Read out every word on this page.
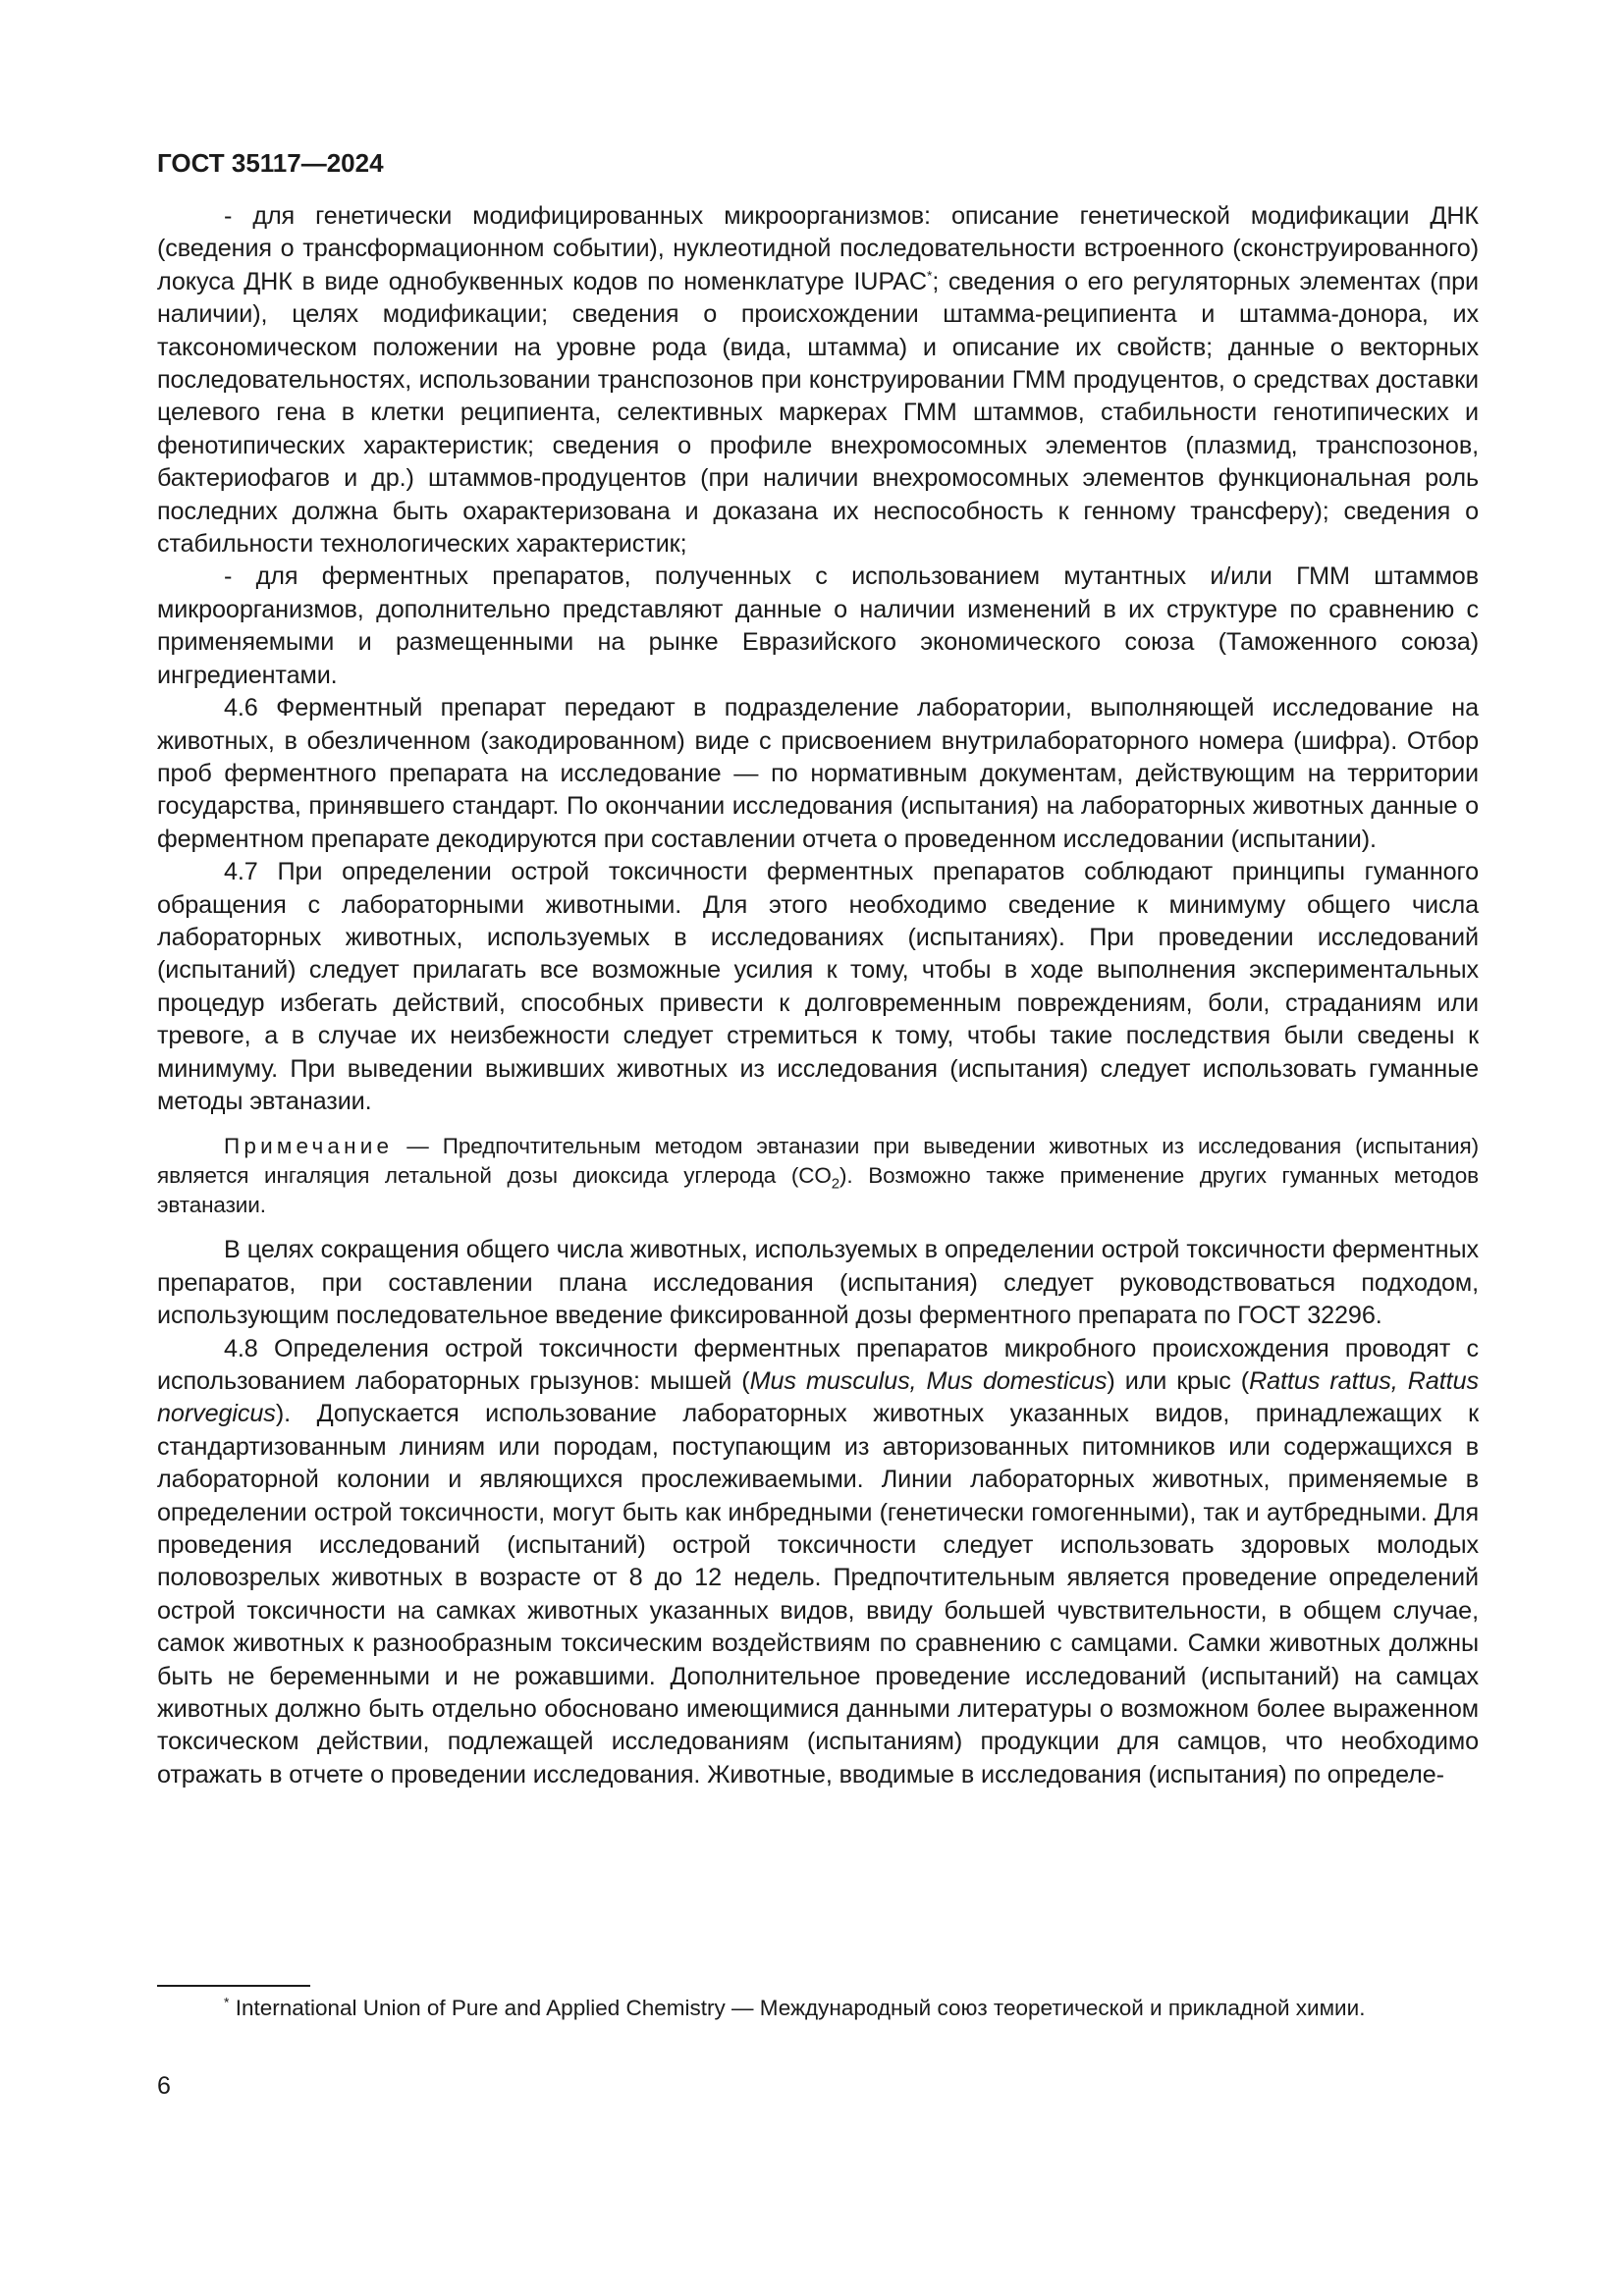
ГОСТ 35117—2024

- для генетически модифицированных микроорганизмов: описание генетической модификации ДНК (сведения о трансформационном событии), нуклеотидной последовательности встроенного (сконструированного) локуса ДНК в виде однобуквенных кодов по номенклатуре IUPAC*; сведения о его регуляторных элементах (при наличии), целях модификации; сведения о происхождении штамма-реципиента и штамма-донора, их таксономическом положении на уровне рода (вида, штамма) и описание их свойств; данные о векторных последовательностях, использовании транспозонов при конструировании ГММ продуцентов, о средствах доставки целевого гена в клетки реципиента, селективных маркерах ГММ штаммов, стабильности генотипических и фенотипических характеристик; сведения о профиле внехромосомных элементов (плазмид, транспозонов, бактериофагов и др.) штаммов-продуцентов (при наличии внехромосомных элементов функциональная роль последних должна быть охарактеризована и доказана их неспособность к генному трансферу); сведения о стабильности технологических характеристик;

- для ферментных препаратов, полученных с использованием мутантных и/или ГММ штаммов микроорганизмов, дополнительно представляют данные о наличии изменений в их структуре по сравнению с применяемыми и размещенными на рынке Евразийского экономического союза (Таможенного союза) ингредиентами.

4.6 Ферментный препарат передают в подразделение лаборатории, выполняющей исследование на животных, в обезличенном (закодированном) виде с присвоением внутрилабораторного номера (шифра). Отбор проб ферментного препарата на исследование — по нормативным документам, действующим на территории государства, принявшего стандарт. По окончании исследования (испытания) на лабораторных животных данные о ферментном препарате декодируются при составлении отчета о проведенном исследовании (испытании).

4.7 При определении острой токсичности ферментных препаратов соблюдают принципы гуманного обращения с лабораторными животными. Для этого необходимо сведение к минимуму общего числа лабораторных животных, используемых в исследованиях (испытаниях). При проведении исследований (испытаний) следует прилагать все возможные усилия к тому, чтобы в ходе выполнения экспериментальных процедур избегать действий, способных привести к долговременным повреждениям, боли, страданиям или тревоге, а в случае их неизбежности следует стремиться к тому, чтобы такие последствия были сведены к минимуму. При выведении выживших животных из исследования (испытания) следует использовать гуманные методы эвтаназии.

Примечание — Предпочтительным методом эвтаназии при выведении животных из исследования (испытания) является ингаляция летальной дозы диоксида углерода $(CO_2)$. Возможно также применение других гуманных методов эвтаназии.

В целях сокращения общего числа животных, используемых в определении острой токсичности ферментных препаратов, при составлении плана исследования (испытания) следует руководствоваться подходом, использующим последовательное введение фиксированной дозы ферментного препарата по ГОСТ 32296.

4.8 Определения острой токсичности ферментных препаратов микробного происхождения проводят с использованием лабораторных грызунов: мышей (Mus musculus, Mus domesticus) или крыс (Rattus rattus, Rattus norvegicus). Допускается использование лабораторных животных указанных видов, принадлежащих к стандартизованным линиям или породам, поступающим из авторизованных питомников или содержащихся в лабораторной колонии и являющихся прослеживаемыми. Линии лабораторных животных, применяемые в определении острой токсичности, могут быть как инбредными (генетически гомогенными), так и аутбредными. Для проведения исследований (испытаний) острой токсичности следует использовать здоровых молодых половозрелых животных в возрасте от 8 до 12 недель. Предпочтительным является проведение определений острой токсичности на самках животных указанных видов, ввиду большей чувствительности, в общем случае, самок животных к разнообразным токсическим воздействиям по сравнению с самцами. Самки животных должны быть не беременными и не рожавшими. Дополнительное проведение исследований (испытаний) на самцах животных должно быть отдельно обосновано имеющимися данными литературы о возможном более выраженном токсическом действии, подлежащей исследованиям (испытаниям) продукции для самцов, что необходимо отражать в отчете о проведении исследования. Животные, вводимые в исследования (испытания) по определе-

* International Union of Pure and Applied Chemistry — Международный союз теоретической и прикладной химии.

6
